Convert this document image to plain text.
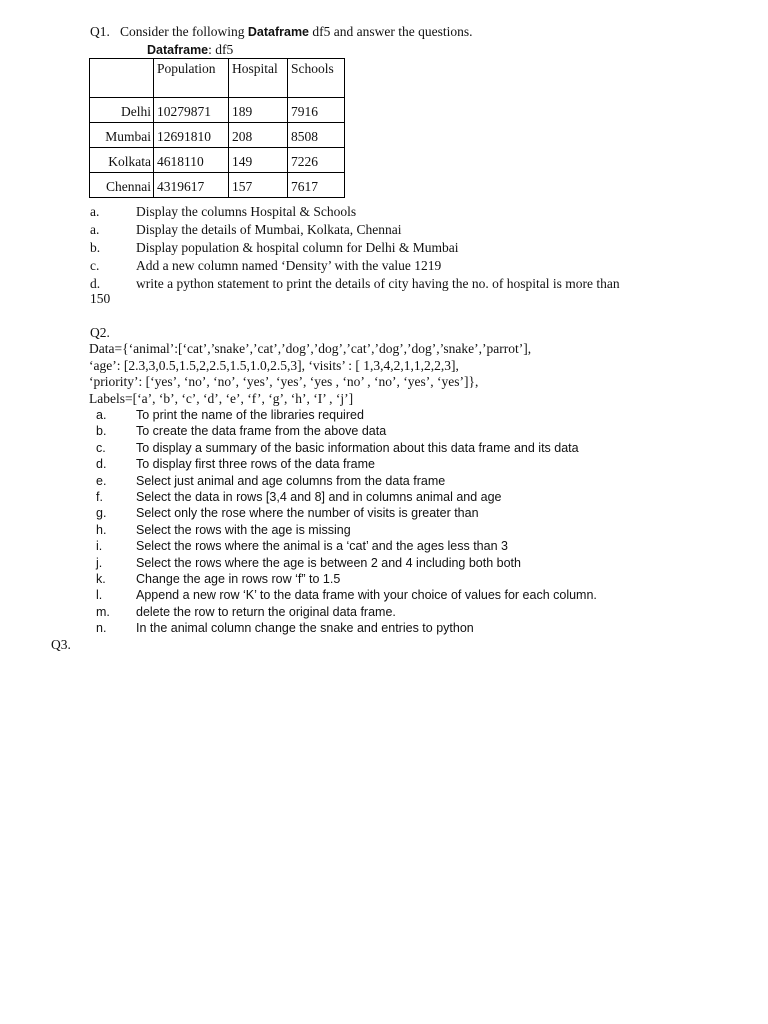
Q1. Consider the following Dataframe df5 and answer the questions.
Dataframe: df5
	Population	Hospital	Schools
Delhi	10279871	189	7916
Mumbai	12691810	208	8508
Kolkata	4618110	149	7226
Chennai	4319617	157	7617
a.	Display the columns Hospital & Schools
a.	Display the details of Mumbai, Kolkata, Chennai
b.	Display population & hospital column for Delhi & Mumbai
c.	Add a new column named ‘Density’ with the value 1219
d.	write a python statement to print the details of city having the no. of hospital is more than
150
Q2.
Data={‘animal’:[‘cat’,’snake’,’cat’,’dog’,’dog’,’cat’,’dog’,’dog’,’snake’,’parrot’],
‘age’: [2.3,3,0.5,1.5,2,2.5,1.5,1.0,2.5,3], ‘visits’ : [ 1,3,4,2,1,1,2,2,3],
‘priority’: [‘yes’, ‘no’, ‘no’, ‘yes’, ‘yes’, ‘yes , ‘no’ , ‘no’, ‘yes’, ‘yes’]},
Labels=[‘a’, ‘b’, ‘c’, ‘d’, ‘e’, ‘f’, ‘g’, ‘h’, ‘I’ , ‘j’]
a. To print the name of the libraries required
b. To create the data frame from the above data
c. To display a summary of the basic information about this data frame and its data
d. To display first three rows of the data frame
e. Select just animal and age columns from the data frame
f.	Select the data in rows [3,4 and 8] and in columns animal and age
g. Select only the rose where the number of visits is greater than
h. Select the rows with the age is missing
i.	Select the rows where the animal is a ‘cat’ and the ages less than 3
j.	Select the rows where the age is between 2 and 4 including both both
k. Change the age in rows row ‘f” to 1.5
l.	Append a new row ‘K’ to the data frame with your choice of values for each column.
m. delete the row to return the original data frame.
n. In the animal column change the snake and entries to python
Q3.
